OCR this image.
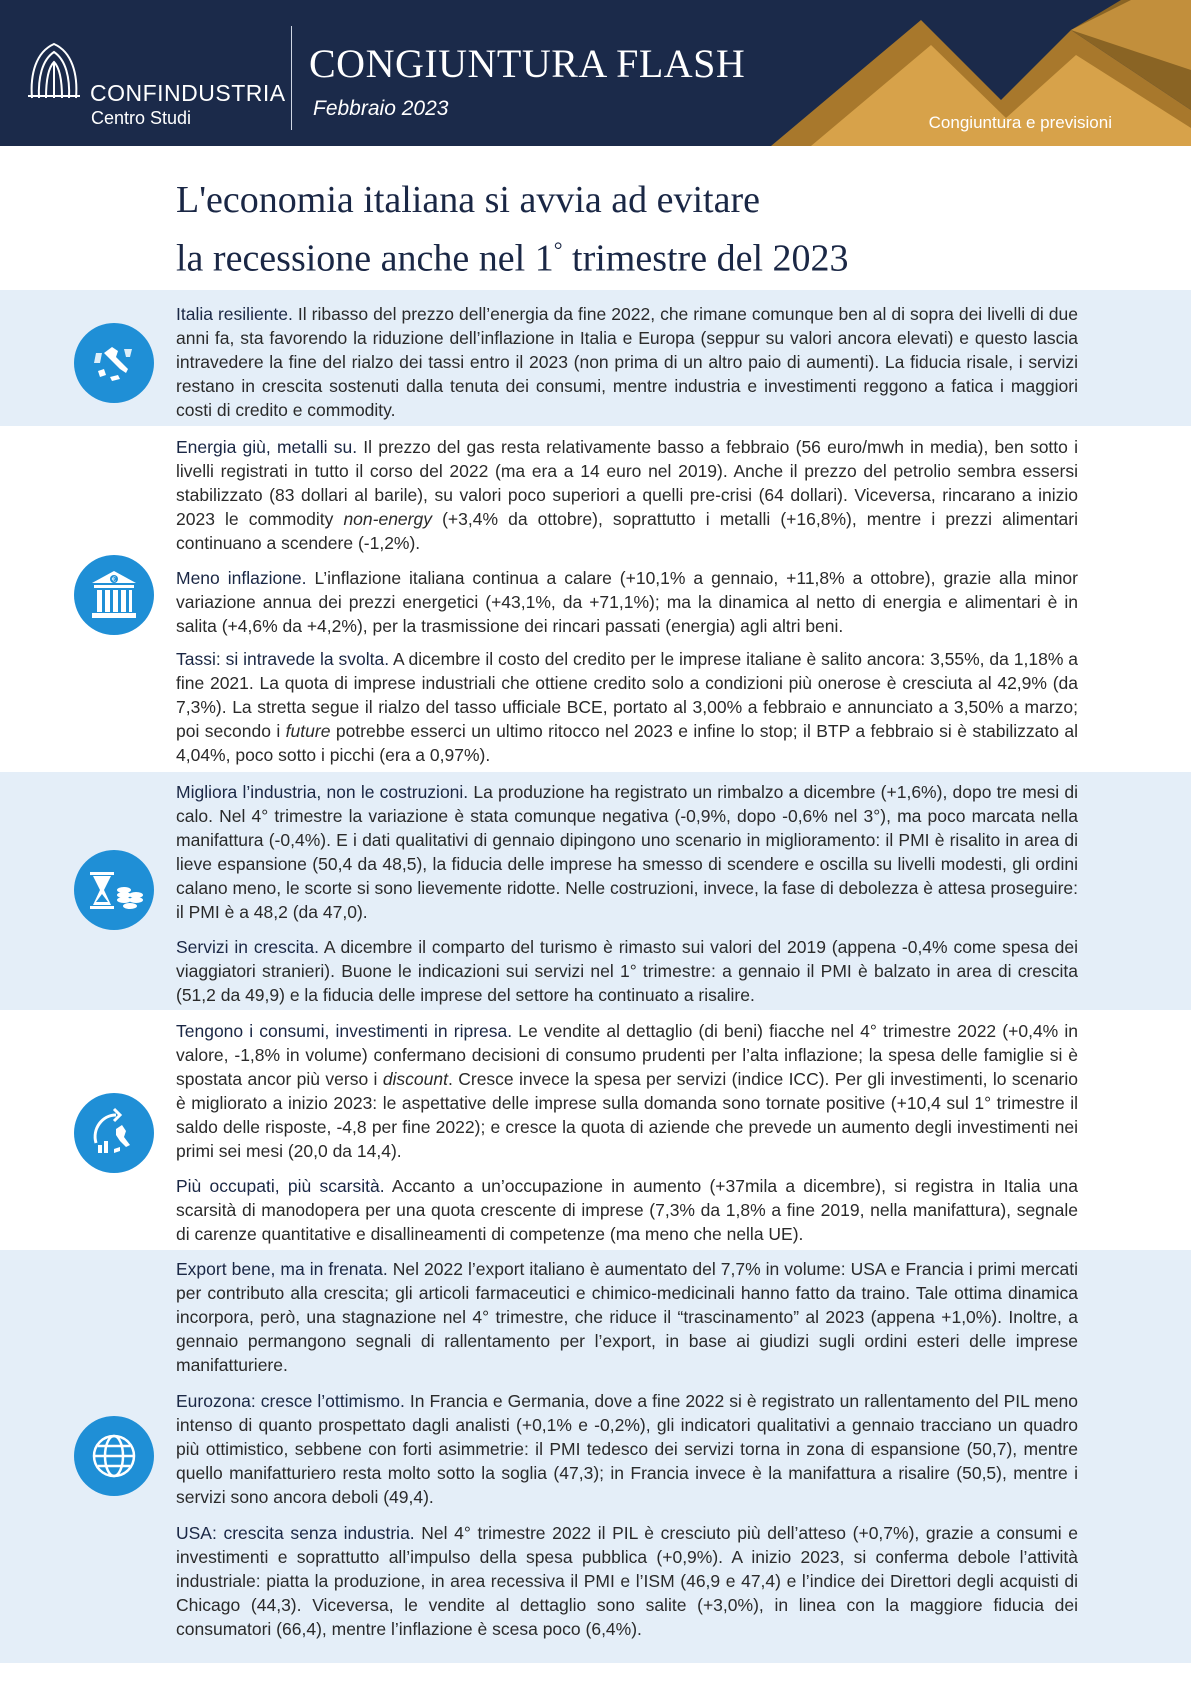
CONFINDUSTRIA
Centro Studi
CONGIUNTURA FLASH
Febbraio 2023
Congiuntura e previsioni
L'economia italiana si avvia ad evitare
la recessione anche nel 1° trimestre del 2023
€

Italia resiliente. Il ribasso del prezzo dell’energia da fine 2022, che rimane comunque ben al di sopra dei livelli di due anni fa, sta favorendo la riduzione dell’inflazione in Italia e Europa (seppur su valori ancora elevati) e questo lascia intravedere la fine del rialzo dei tassi entro il 2023 (non prima di un altro paio di aumenti). La fiducia risale, i servizi restano in crescita sostenuti dalla tenuta dei consumi, mentre industria e investimenti reggono a fatica i maggiori costi di credito e commodity.

Energia giù, metalli su. Il prezzo del gas resta relativamente basso a febbraio (56 euro/mwh in media), ben sotto i livelli registrati in tutto il corso del 2022 (ma era a 14 euro nel 2019). Anche il prezzo del petrolio sembra essersi stabilizzato (83 dollari al barile), su valori poco superiori a quelli pre-crisi (64 dollari). Viceversa, rincarano a inizio 2023 le commodity non-energy (+3,4% da ottobre), soprattutto i metalli (+16,8%), mentre i prezzi alimentari continuano a scendere (-1,2%).

Meno inflazione. L’inflazione italiana continua a calare (+10,1% a gennaio, +11,8% a ottobre), grazie alla minor variazione annua dei prezzi energetici (+43,1%, da +71,1%); ma la dinamica al netto di energia e alimentari è in salita (+4,6% da +4,2%), per la trasmissione dei rincari passati (energia) agli altri beni.

Tassi: si intravede la svolta. A dicembre il costo del credito per le imprese italiane è salito ancora: 3,55%, da 1,18% a fine 2021. La quota di imprese industriali che ottiene credito solo a condizioni più onerose è cresciuta al 42,9% (da 7,3%). La stretta segue il rialzo del tasso ufficiale BCE, portato al 3,00% a febbraio e annunciato a 3,50% a marzo; poi secondo i future potrebbe esserci un ultimo ritocco nel 2023 e infine lo stop; il BTP a febbraio si è stabilizzato al 4,04%, poco sotto i picchi (era a 0,97%).

Migliora l’industria, non le costruzioni. La produzione ha registrato un rimbalzo a dicembre (+1,6%), dopo tre mesi di calo. Nel 4° trimestre la variazione è stata comunque negativa (-0,9%, dopo -0,6% nel 3°), ma poco marcata nella manifattura (-0,4%). E i dati qualitativi di gennaio dipingono uno scenario in miglioramento: il PMI è risalito in area di lieve espansione (50,4 da 48,5), la fiducia delle imprese ha smesso di scendere e oscilla su livelli modesti, gli ordini calano meno, le scorte si sono lievemente ridotte. Nelle costruzioni, invece, la fase di debolezza è attesa proseguire: il PMI è a 48,2 (da 47,0).

Servizi in crescita. A dicembre il comparto del turismo è rimasto sui valori del 2019 (appena -0,4% come spesa dei viaggiatori stranieri). Buone le indicazioni sui servizi nel 1° trimestre: a gennaio il PMI è balzato in area di crescita (51,2 da 49,9) e la fiducia delle imprese del settore ha continuato a risalire.

Tengono i consumi, investimenti in ripresa. Le vendite al dettaglio (di beni) fiacche nel 4° trimestre 2022 (+0,4% in valore, -1,8% in volume) confermano decisioni di consumo prudenti per l’alta inflazione; la spesa delle famiglie si è spostata ancor più verso i discount. Cresce invece la spesa per servizi (indice ICC). Per gli investimenti, lo scenario è migliorato a inizio 2023: le aspettative delle imprese sulla domanda sono tornate positive (+10,4 sul 1° trimestre il saldo delle risposte, -4,8 per fine 2022); e cresce la quota di aziende che prevede un aumento degli investimenti nei primi sei mesi (20,0 da 14,4).

Più occupati, più scarsità. Accanto a un’occupazione in aumento (+37mila a dicembre), si registra in Italia una scarsità di manodopera per una quota crescente di imprese (7,3% da 1,8% a fine 2019, nella manifattura), segnale di carenze quantitative e disallineamenti di competenze (ma meno che nella UE).

Export bene, ma in frenata. Nel 2022 l’export italiano è aumentato del 7,7% in volume: USA e Francia i primi mercati per contributo alla crescita; gli articoli farmaceutici e chimico-medicinali hanno fatto da traino. Tale ottima dinamica incorpora, però, una stagnazione nel 4° trimestre, che riduce il “trascinamento” al 2023 (appena +1,0%). Inoltre, a gennaio permangono segnali di rallentamento per l’export, in base ai giudizi sugli ordini esteri delle imprese manifatturiere.

Eurozona: cresce l’ottimismo. In Francia e Germania, dove a fine 2022 si è registrato un rallentamento del PIL meno intenso di quanto prospettato dagli analisti (+0,1% e -0,2%), gli indicatori qualitativi a gennaio tracciano un quadro più ottimistico, sebbene con forti asimmetrie: il PMI tedesco dei servizi torna in zona di espansione (50,7), mentre quello manifatturiero resta molto sotto la soglia (47,3); in Francia invece è la manifattura a risalire (50,5), mentre i servizi sono ancora deboli (49,4).

USA: crescita senza industria. Nel 4° trimestre 2022 il PIL è cresciuto più dell’atteso (+0,7%), grazie a consumi e investimenti e soprattutto all’impulso della spesa pubblica (+0,9%). A inizio 2023, si conferma debole l’attività industriale: piatta la produzione, in area recessiva il PMI e l’ISM (46,9 e 47,4) e l’indice dei Direttori degli acquisti di Chicago (44,3). Viceversa, le vendite al dettaglio sono salite (+3,0%), in linea con la maggiore fiducia dei consumatori (66,4), mentre l’inflazione è scesa poco (6,4%).
